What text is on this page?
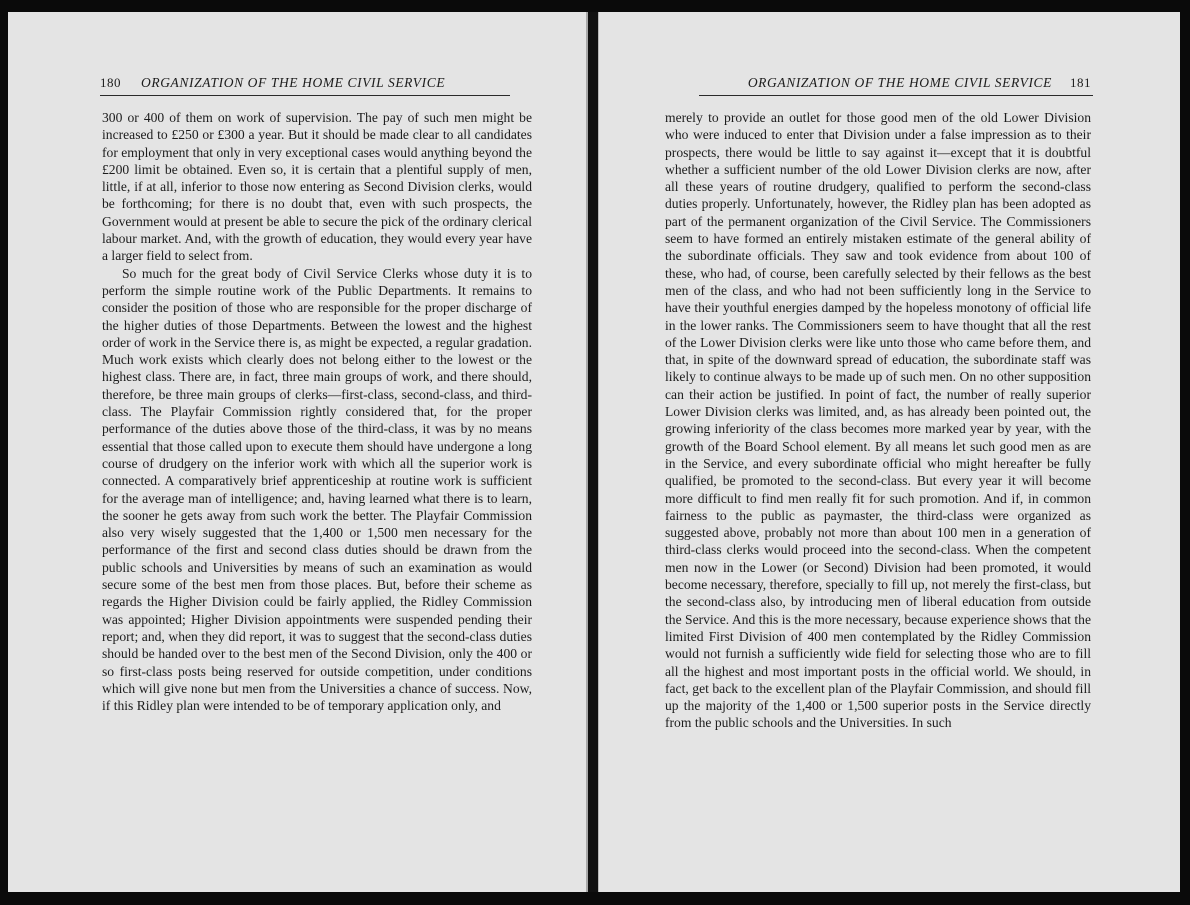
180 ORGANIZATION OF THE HOME CIVIL SERVICE

300 or 400 of them on work of supervision. The pay of such men might be increased to £250 or £300 a year. But it should be made clear to all candidates for employment that only in very exceptional cases would anything beyond the £200 limit be obtained. Even so, it is certain that a plentiful supply of men, little, if at all, inferior to those now entering as Second Division clerks, would be forthcoming; for there is no doubt that, even with such prospects, the Government would at present be able to secure the pick of the ordinary clerical labour market. And, with the growth of education, they would every year have a larger field to select from.

So much for the great body of Civil Service Clerks whose duty it is to perform the simple routine work of the Public Departments. It remains to consider the position of those who are responsible for the proper discharge of the higher duties of those Departments. Between the lowest and the highest order of work in the Service there is, as might be expected, a regular gradation. Much work exists which clearly does not belong either to the lowest or the highest class. There are, in fact, three main groups of work, and there should, therefore, be three main groups of clerks—first-class, second-class, and third-class. The Playfair Commission rightly considered that, for the proper performance of the duties above those of the third-class, it was by no means essential that those called upon to execute them should have undergone a long course of drudgery on the inferior work with which all the superior work is connected. A comparatively brief apprenticeship at routine work is sufficient for the average man of intelligence; and, having learned what there is to learn, the sooner he gets away from such work the better. The Playfair Commission also very wisely suggested that the 1,400 or 1,500 men necessary for the performance of the first and second class duties should be drawn from the public schools and Universities by means of such an examination as would secure some of the best men from those places. But, before their scheme as regards the Higher Division could be fairly applied, the Ridley Commission was appointed; Higher Division appointments were suspended pending their report; and, when they did report, it was to suggest that the second-class duties should be handed over to the best men of the Second Division, only the 400 or so first-class posts being reserved for outside competition, under conditions which will give none but men from the Universities a chance of success. Now, if this Ridley plan were intended to be of temporary application only, and

ORGANIZATION OF THE HOME CIVIL SERVICE 181

merely to provide an outlet for those good men of the old Lower Division who were induced to enter that Division under a false impression as to their prospects, there would be little to say against it—except that it is doubtful whether a sufficient number of the old Lower Division clerks are now, after all these years of routine drudgery, qualified to perform the second-class duties properly. Unfortunately, however, the Ridley plan has been adopted as part of the permanent organization of the Civil Service. The Commissioners seem to have formed an entirely mistaken estimate of the general ability of the subordinate officials. They saw and took evidence from about 100 of these, who had, of course, been carefully selected by their fellows as the best men of the class, and who had not been sufficiently long in the Service to have their youthful energies damped by the hopeless monotony of official life in the lower ranks. The Commissioners seem to have thought that all the rest of the Lower Division clerks were like unto those who came before them, and that, in spite of the downward spread of education, the subordinate staff was likely to continue always to be made up of such men. On no other supposition can their action be justified. In point of fact, the number of really superior Lower Division clerks was limited, and, as has already been pointed out, the growing inferiority of the class becomes more marked year by year, with the growth of the Board School element. By all means let such good men as are in the Service, and every subordinate official who might hereafter be fully qualified, be promoted to the second-class. But every year it will become more difficult to find men really fit for such promotion. And if, in common fairness to the public as paymaster, the third-class were organized as suggested above, probably not more than about 100 men in a generation of third-class clerks would proceed into the second-class. When the competent men now in the Lower (or Second) Division had been promoted, it would become necessary, therefore, specially to fill up, not merely the first-class, but the second-class also, by introducing men of liberal education from outside the Service. And this is the more necessary, because experience shows that the limited First Division of 400 men contemplated by the Ridley Commission would not furnish a sufficiently wide field for selecting those who are to fill all the highest and most important posts in the official world. We should, in fact, get back to the excellent plan of the Playfair Commission, and should fill up the majority of the 1,400 or 1,500 superior posts in the Service directly from the public schools and the Universities. In such
